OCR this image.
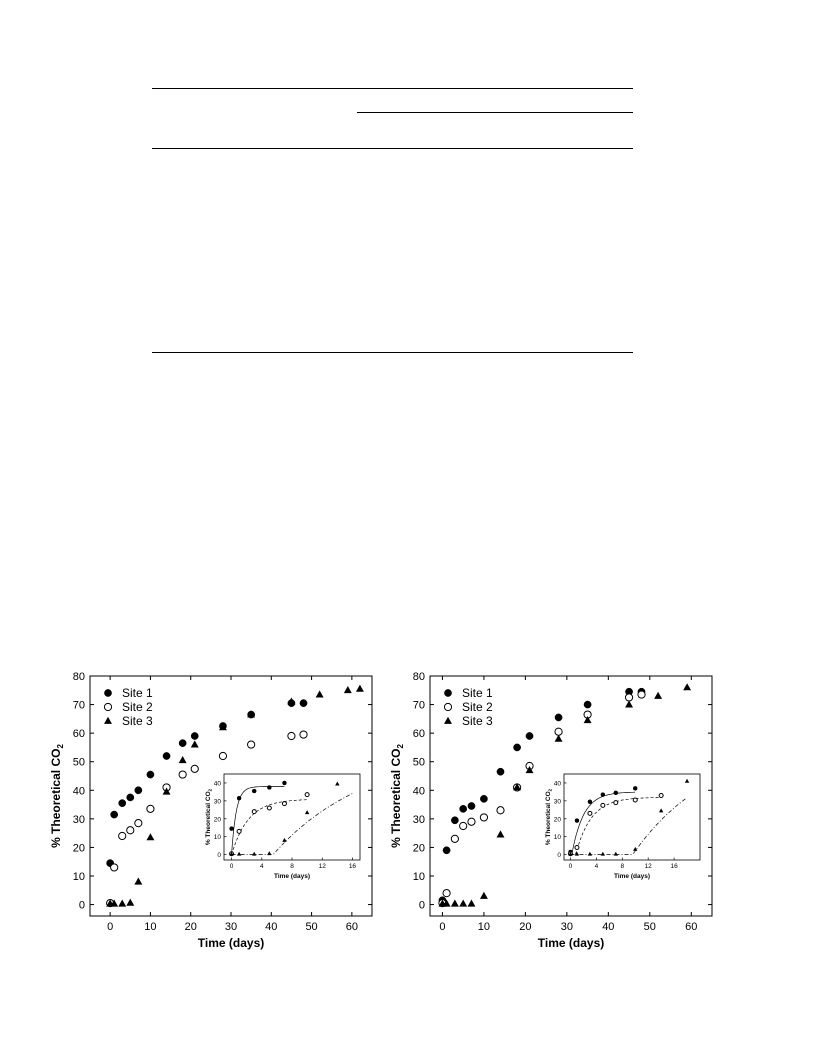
0	10	20	30	40	50	60
0
10
20
30
40
50
60
70
80
Time (days)
% Theoretical $CO_2$
Site 1
Site 2
Site 3
0	4	8	12	16
0
10
20
30
40
Time (days)
% Theoretical $CO_2$
0	10	20	30	40	50	60
0
10
20
30
40
50
60
70
80
Time (days)
% Theoretical $CO_2$
Site 1
Site 2
Site 3
0	4	8	12	16
0
10
20
30
40
Time (days)
% Theoretical $CO_2$
